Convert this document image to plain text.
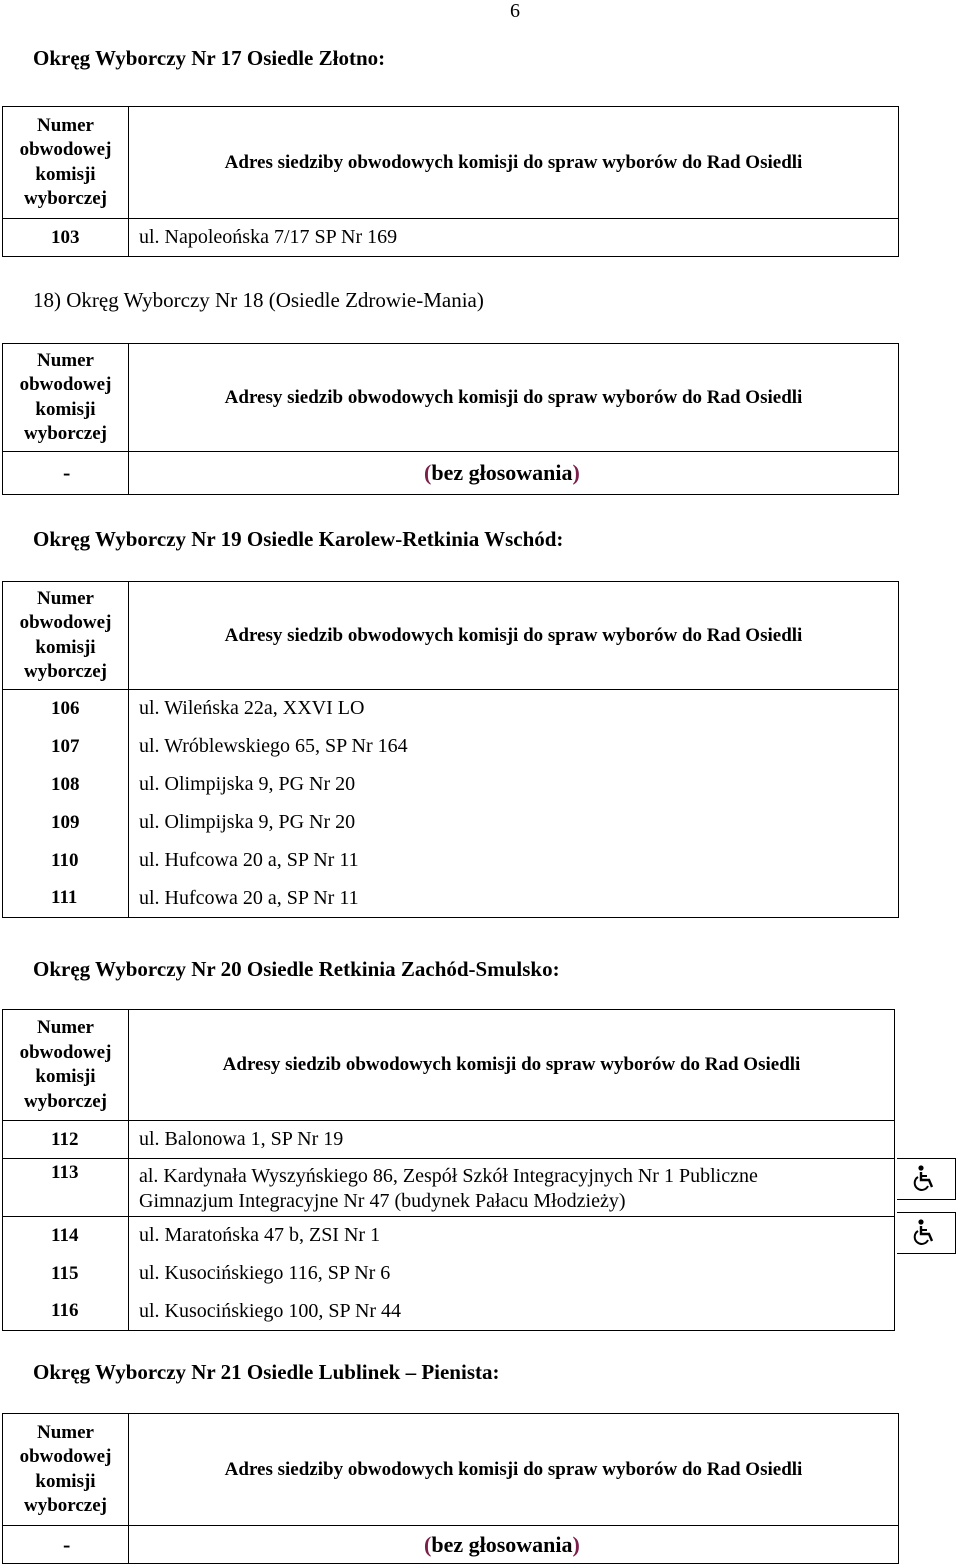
6
Okręg Wyborczy Nr 17 Osiedle Złotno:
Numer
obwodowej
komisji
wyborczej	Adres siedziby obwodowych komisji do spraw wyborów do Rad Osiedli
103	ul. Napoleońska 7/17 SP Nr 169
18) Okręg Wyborczy Nr 18 (Osiedle Zdrowie-Mania)
Numer
obwodowej
komisji
wyborczej	Adresy siedzib obwodowych komisji do spraw wyborów do Rad Osiedli
-	(bez głosowania)
Okręg Wyborczy Nr 19 Osiedle Karolew-Retkinia Wschód:
Numer
obwodowej
komisji
wyborczej	Adresy siedzib obwodowych komisji do spraw wyborów do Rad Osiedli
106	ul. Wileńska 22a, XXVI LO
107	ul. Wróblewskiego 65, SP Nr 164
108	ul. Olimpijska 9, PG Nr 20
109	ul. Olimpijska 9, PG Nr 20
110	ul. Hufcowa 20 a, SP Nr 11
111	ul. Hufcowa 20 a, SP Nr 11
Okręg Wyborczy Nr 20 Osiedle Retkinia Zachód-Smulsko:
Numer
obwodowej
komisji
wyborczej	Adresy siedzib obwodowych komisji do spraw wyborów do Rad Osiedli
112	ul. Balonowa 1, SP Nr 19
113	al. Kardynała Wyszyńskiego 86, Zespół Szkół Integracyjnych Nr 1 Publiczne
Gimnazjum Integracyjne Nr 47 (budynek Pałacu Młodzieży)

114	ul. Maratońska 47 b, ZSI Nr 1
115	ul. Kusocińskiego 116, SP Nr 6
116	ul. Kusocińskiego 100, SP Nr 44
Okręg Wyborczy Nr 21 Osiedle Lublinek – Pienista:
Numer
obwodowej
komisji
wyborczej	Adres siedziby obwodowych komisji do spraw wyborów do Rad Osiedli
-	(bez głosowania)
